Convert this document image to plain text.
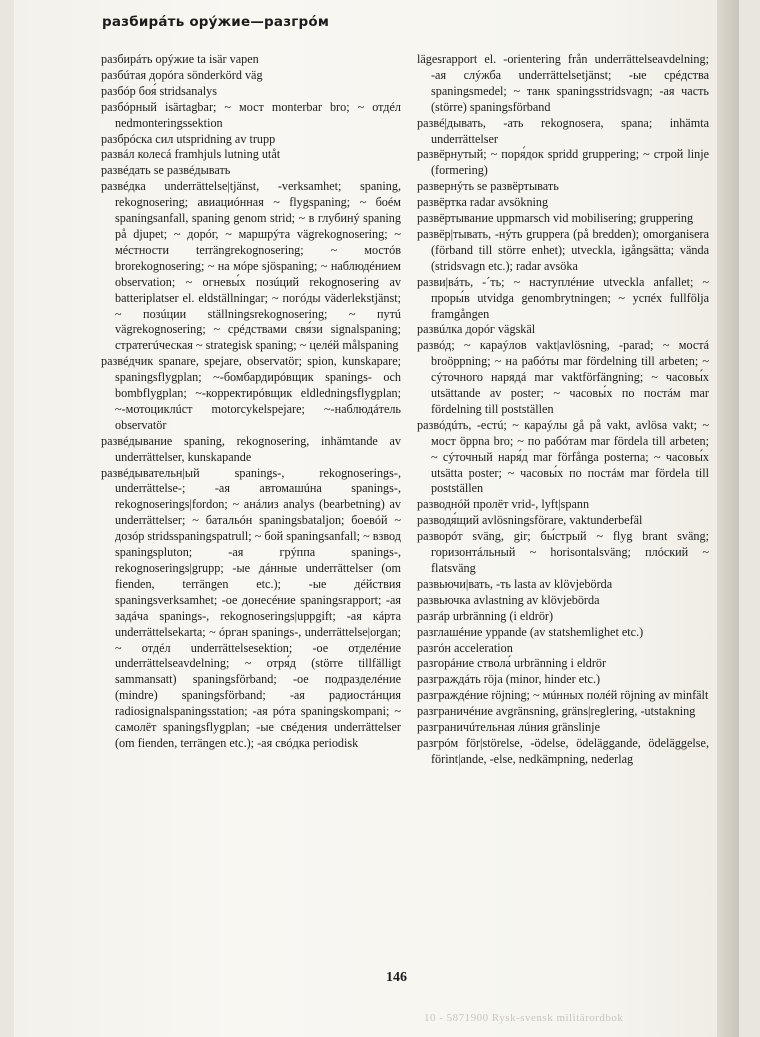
разбирáть орýжие—разгрóм

разбирáть орýжие ta isär vapen

разбúтая дорóга sönderkörd väg

разбóр боя́ stridsanalys

разбóрный isärtagbar; ~ мост monterbar bro; ~ отдéл nedmonteringssektion

разбрóска сил utspridning av trupp

развáл колесá framhjuls lutning utåt

развéдать se развéдывать

развéдка underrättelse|tjänst, -verksamhet; spaning, rekognosering; авиациóнная ~ flygspaning; ~ боéм spaningsanfall, spaning genom strid; ~ в глубинý spaning på djupet; ~ дорóг, ~ маршрýта vägrekognosering; ~ мéстности terrängrekognosering; ~ мостóв brorekognosering; ~ на мóре sjöspaning; ~ наблюдéнием observation; ~ огневы́х позúций rekognosering av batteriplatser el. eldställningar; ~ погóды väderlekstjänst; ~ позúции ställningsrekognosering; ~ путú vägrekognosering; ~ срéдствами свя́зи signalspaning; стратегúческая ~ strategisk spaning; ~ целéй målspaning

развéдчик spanare, spejare, observatör; spion, kunskapare; spaningsflygplan; ~-бомбардирóвщик spanings- och bombflygplan; ~-корректирóвщик eldledningsflygplan; ~-мотоциклúст motorcykelspejare; ~-наблюдáтель observatör

развéдывание spaning, rekognosering, inhämtande av underrättelser, kunskapande

развéдывательн|ый spanings-, rekognoserings-, underrättelse-; -ая автомашúна spanings-, rekognoserings|fordon; ~ анáлиз analys (bearbetning) av underrättelser; ~ батальóн spaningsbataljon; боевóй ~ дозóр stridsspaningspatrull; ~ бой spaningsanfall; ~ взвод spaningspluton; -ая грýппа spanings-, rekognoserings|grupp; -ые дáнные underrättelser (om fienden, terrängen etc.); -ые дéйствия spaningsverksamhet; -ое донесéние spaningsrapport; -ая задáча spanings-, rekognoserings|uppgift; -ая кáрта underrättelsekarta; ~ óрган spanings-, underrättelse|organ; ~ отдéл underrättelsesektion; -ое отделéние underrättelseavdelning; ~ отря́д (större tillfälligt sammansatt) spaningsförband; -ое подразделéние (mindre) spaningsförband; -ая радиостáнция radiosignalspaningsstation; -ая рóта spaningskompani; ~ самолёт spaningsflygplan; -ые свéдения underrättelser (om fienden, terrängen etc.); -ая свóдка periodisk

lägesrapport el. -orientering från underrättelseavdelning; -ая слýжба underrättelsetjänst; -ые срéдства spaningsmedel; ~ танк spaningsstridsvagn; -ая часть (större) spaningsförband

развé|дывать, -ать rekognosera, spana; inhämta underrättelser

развёрнутый; ~ поря́док spridd gruppering; ~ строй linje (formering)

развернýть se развёртывать

развёртка radar avsökning

развёртывание uppmarsch vid mobilisering; gruppering

развёр|тывать, -нýть gruppera (på bredden); omorganisera (förband till större enhet); utveckla, igångsätta; vända (stridsvagn etc.); radar avsöka

разви|вáть, -´ть; ~ наступлéние utveckla anfallet; ~ проры́в utvidga genombrytningen; ~ успéх fullfölja framgången

развúлка дорóг vägskäl

развóд; ~ караýлов vakt|avlösning, -parad; ~ мостá broöppning; ~ на рабóты mar fördelning till arbeten; ~ сýточного нарядá mar vaktförfängning; ~ часовы́х utsättande av poster; ~ часовы́х по постáм mar fördelning till postställen

развóдúть, -естú; ~ караýлы gå på vakt, avlösa vakt; ~ мост öppna bro; ~ по рабóтам mar fördela till arbeten; ~ сýточный наря́д mar förfånga posterna; ~ часовы́х utsätta poster; ~ часовы́х по постáм mar fördela till postställen

разводнóй пролёт vrid-, lyft|spann

разводя́щий avlösningsförare, vaktunderbefäl

разворóт sväng, gir; бы́стрый ~ flyg brant sväng; горизонтáльный ~ horisontalsväng; плóский ~ flatsväng

развьючи|вать, -ть lasta av klövjebörda

развьючка avlastning av klövjebörda

разгáр urbränning (i eldrör)

разглашéние yppande (av statshemlighet etc.)

разгóн acceleration

разгорáние ствола́ urbränning i eldrör

разграждáть röja (minor, hinder etc.)

разграждéние röjning; ~ мúнных полéй röjning av minfält

разграничéние avgränsning, gräns|reglering, -utstakning

разграничúтельная лúния gränslinje

разгрóм för|störelse, -ödelse, ödeläggande, ödeläggelse, förint|ande, -else, nedkämpning, nederlag

146
10 - 5871900 Rysk-svensk militärordbok
